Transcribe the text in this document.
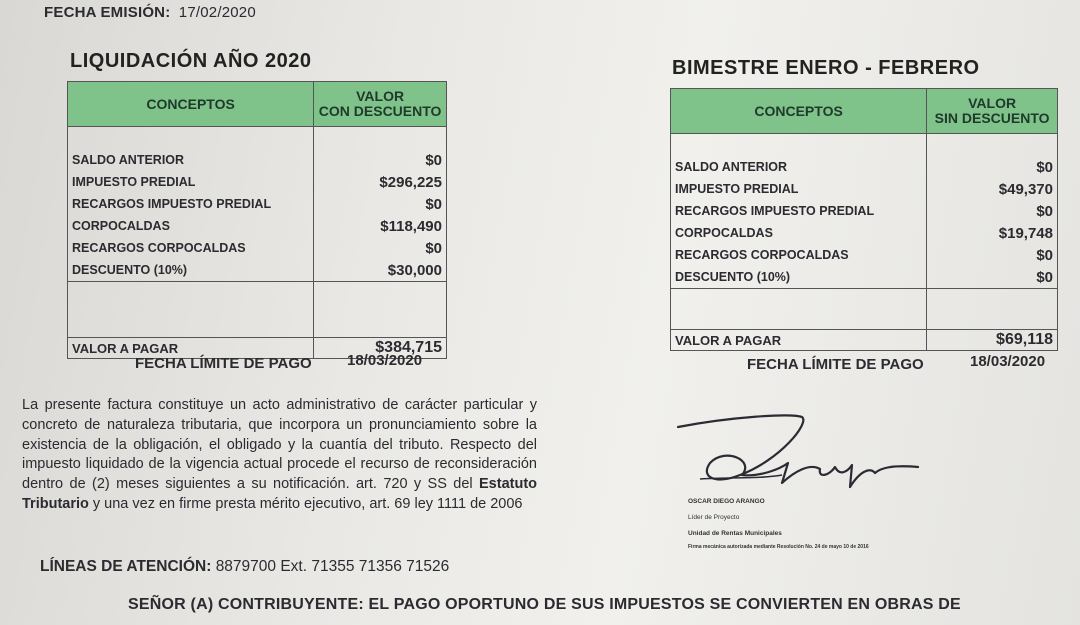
FECHA EMISIÓN: 17/02/2020
LIQUIDACIÓN AÑO 2020
CONCEPTOS	VALOR
CON DESCUENTO

SALDO ANTERIOR	$0
IMPUESTO PREDIAL	$296,225
RECARGOS IMPUESTO PREDIAL	$0
CORPOCALDAS	$118,490
RECARGOS CORPOCALDAS	$0
DESCUENTO (10%)	$30,000

VALOR A PAGAR	$384,715
FECHA LÍMITE DE PAGO 18/03/2020
BIMESTRE ENERO - FEBRERO
CONCEPTOS	VALOR
SIN DESCUENTO

SALDO ANTERIOR	$0
IMPUESTO PREDIAL	$49,370
RECARGOS IMPUESTO PREDIAL	$0
CORPOCALDAS	$19,748
RECARGOS CORPOCALDAS	$0
DESCUENTO (10%)	$0

VALOR A PAGAR	$69,118
FECHA LÍMITE DE PAGO	18/03/2020
La presente factura constituye un acto administrativo de carácter particular y concreto de naturaleza tributaria, que incorpora un pronunciamiento sobre la existencia de la obligación, el obligado y la cuantía del tributo. Respecto del impuesto liquidado de la vigencia actual procede el recurso de reconsideración dentro de (2) meses siguientes a su notificación. art. 720 y SS del Estatuto Tributario y una vez en firme presta mérito ejecutivo, art. 69 ley 1111 de 2006	OSCAR DIEGO ARANGO
Líder de Proyecto
Unidad de Rentas Municipales
Firma mecánica autorizada mediante Resolución No. 24 de mayo 10 de 2016
LÍNEAS DE ATENCIÓN: 8879700 Ext. 71355 71356 71526
SEÑOR (A) CONTRIBUYENTE: EL PAGO OPORTUNO DE SUS IMPUESTOS SE CONVIERTEN EN OBRAS DE
